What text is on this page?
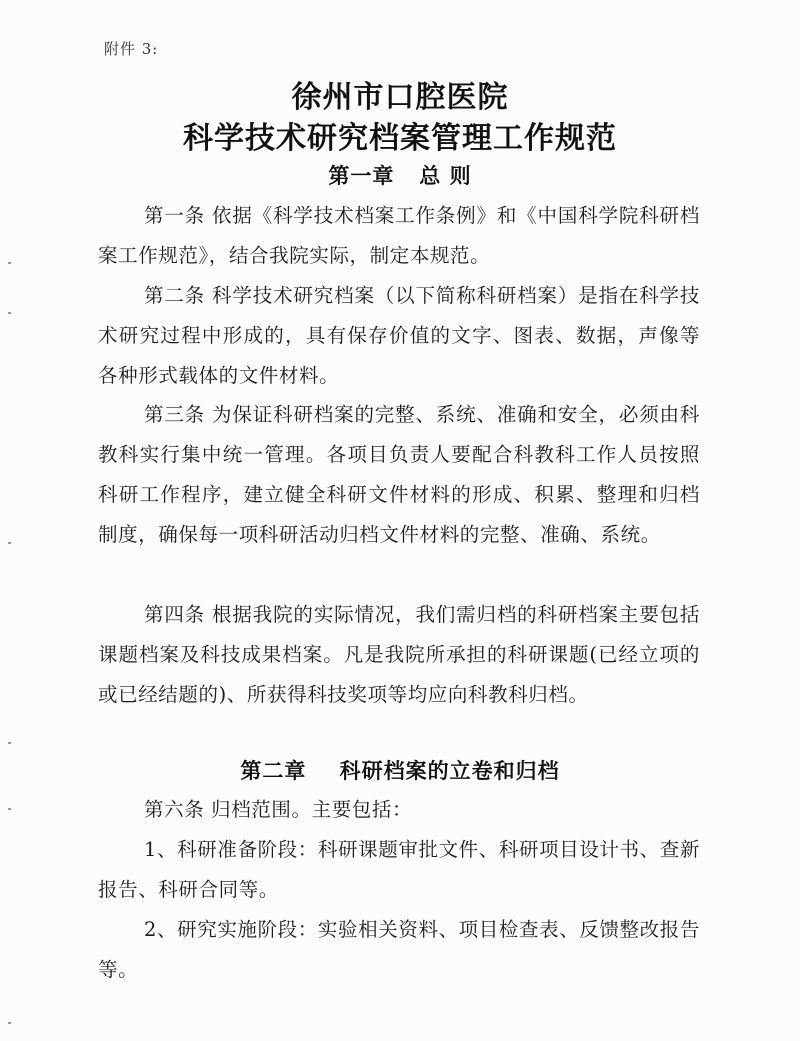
附件 3:
徐州市口腔医院
科学技术研究档案管理工作规范
第一章   总 则
第一条 依据《科学技术档案工作条例》和《中国科学院科研档案工作规范》，结合我院实际，制定本规范。
第二条 科学技术研究档案（以下简称科研档案）是指在科学技术研究过程中形成的，具有保存价值的文字、图表、数据，声像等各种形式载体的文件材料。
第三条 为保证科研档案的完整、系统、准确和安全，必须由科教科实行集中统一管理。各项目负责人要配合科教科工作人员按照科研工作程序，建立健全科研文件材料的形成、积累、整理和归档制度，确保每一项科研活动归档文件材料的完整、准确、系统。
第四条 根据我院的实际情况，我们需归档的科研档案主要包括课题档案及科技成果档案。凡是我院所承担的科研课题(已经立项的或已经结题的)、所获得科技奖项等均应向科教科归档。
第二章    科研档案的立卷和归档
第六条 归档范围。主要包括：
1、科研准备阶段：科研课题审批文件、科研项目设计书、查新报告、科研合同等。
2、研究实施阶段：实验相关资料、项目检查表、反馈整改报告等。
